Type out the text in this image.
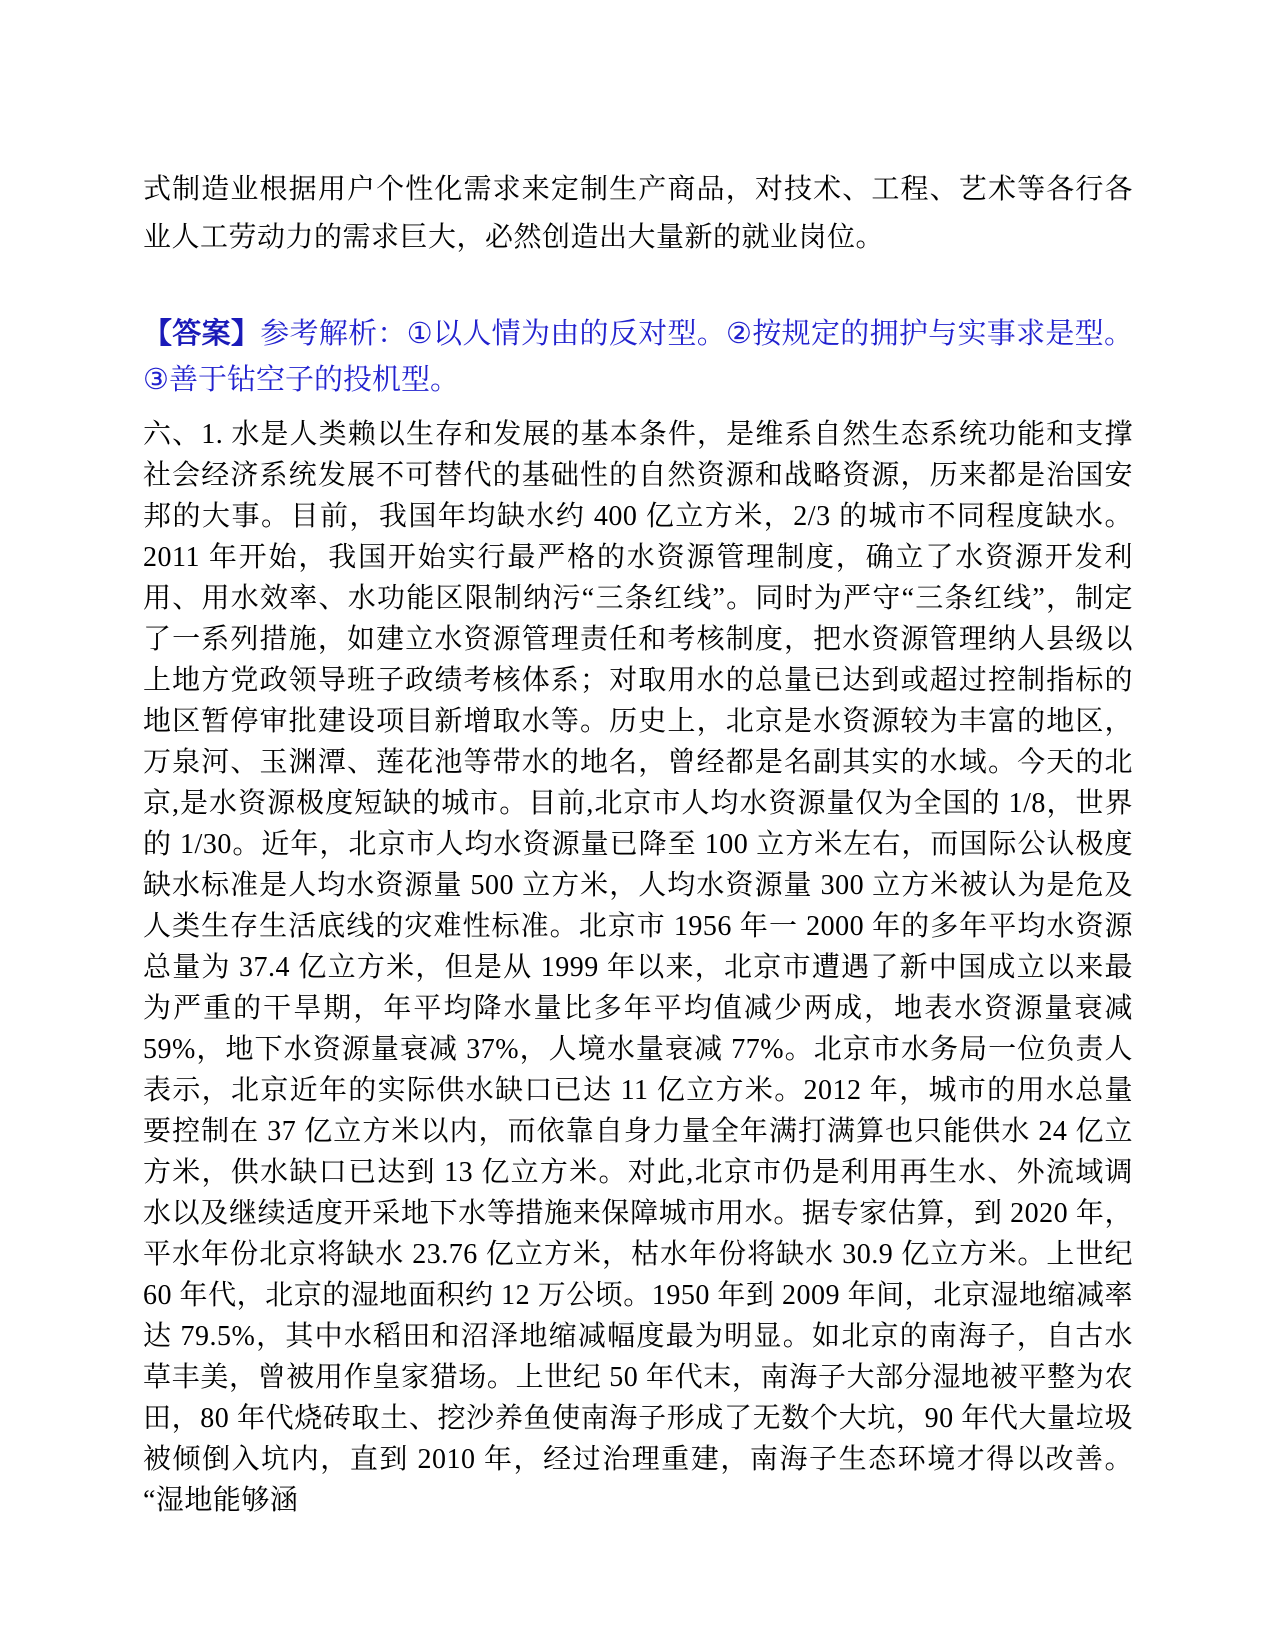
式制造业根据用户个性化需求来定制生产商品，对技术、工程、艺术等各行各业人工劳动力的需求巨大，必然创造出大量新的就业岗位。

【答案】参考解析：①以人情为由的反对型。②按规定的拥护与实事求是型。③善于钻空子的投机型。

六、1. 水是人类赖以生存和发展的基本条件，是维系自然生态系统功能和支撑社会经济系统发展不可替代的基础性的自然资源和战略资源，历来都是治国安邦的大事。目前，我国年均缺水约 400 亿立方米，2/3 的城市不同程度缺水。2011 年开始，我国开始实行最严格的水资源管理制度，确立了水资源开发利用、用水效率、水功能区限制纳污“三条红线”。同时为严守“三条红线”，制定了一系列措施，如建立水资源管理责任和考核制度，把水资源管理纳人县级以上地方党政领导班子政绩考核体系；对取用水的总量已达到或超过控制指标的地区暂停审批建设项目新增取水等。历史上，北京是水资源较为丰富的地区，万泉河、玉渊潭、莲花池等带水的地名，曾经都是名副其实的水域。今天的北京,是水资源极度短缺的城市。目前,北京市人均水资源量仅为全国的 1/8，世界的 1/30。近年，北京市人均水资源量已降至 100 立方米左右，而国际公认极度缺水标准是人均水资源量 500 立方米，人均水资源量 300 立方米被认为是危及人类生存生活底线的灾难性标准。北京市 1956 年一 2000 年的多年平均水资源总量为 37.4 亿立方米，但是从 1999 年以来，北京市遭遇了新中国成立以来最为严重的干旱期，年平均降水量比多年平均值减少两成，地表水资源量衰减 59%，地下水资源量衰减 37%，人境水量衰减 77%。北京市水务局一位负责人表示，北京近年的实际供水缺口已达 11 亿立方米。2012 年，城市的用水总量要控制在 37 亿立方米以内，而依靠自身力量全年满打满算也只能供水 24 亿立方米，供水缺口已达到 13 亿立方米。对此,北京市仍是利用再生水、外流域调水以及继续适度开采地下水等措施来保障城市用水。据专家估算，到 2020 年，平水年份北京将缺水 23.76 亿立方米，枯水年份将缺水 30.9 亿立方米。上世纪 60 年代，北京的湿地面积约 12 万公顷。1950 年到 2009 年间，北京湿地缩减率达 79.5%，其中水稻田和沼泽地缩减幅度最为明显。如北京的南海子，自古水草丰美，曾被用作皇家猎场。上世纪 50 年代末，南海子大部分湿地被平整为农田，80 年代烧砖取土、挖沙养鱼使南海子形成了无数个大坑，90 年代大量垃圾被倾倒入坑内，直到 2010 年，经过治理重建，南海子生态环境才得以改善。“湿地能够涵
